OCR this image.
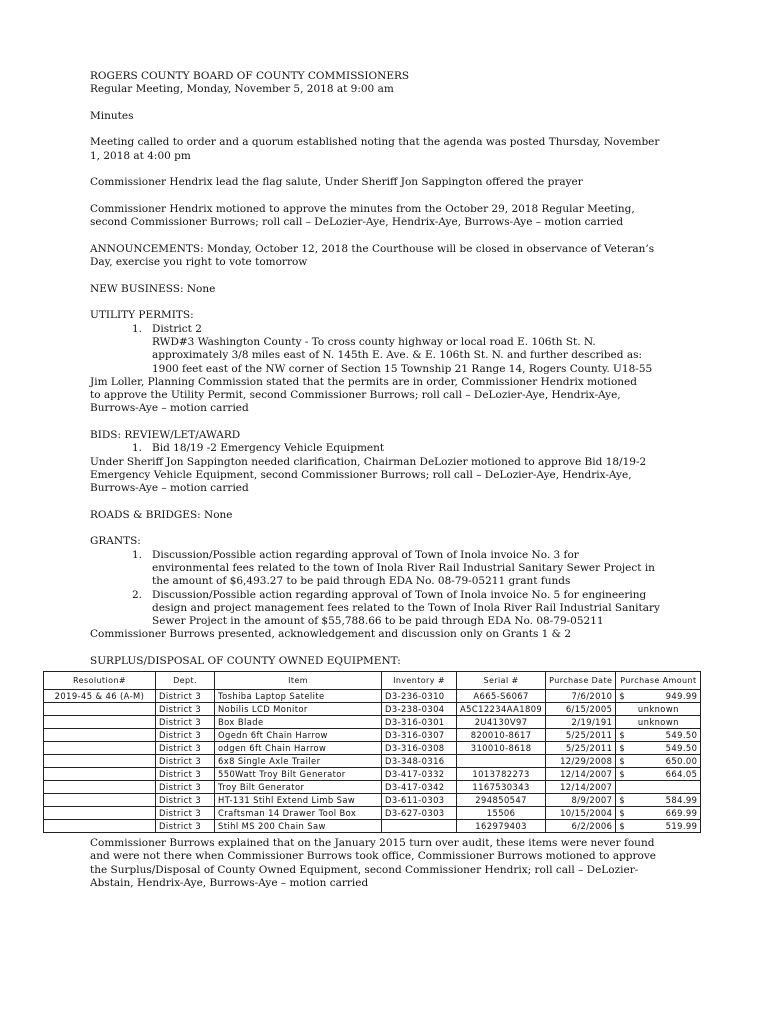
ROGERS COUNTY BOARD OF COUNTY COMMISSIONERS
Regular Meeting, Monday, November 5, 2018 at 9:00 am
Minutes
Meeting called to order and a quorum established noting that the agenda was posted Thursday, November
1, 2018 at 4:00 pm
Commissioner Hendrix lead the flag salute, Under Sheriff Jon Sappington offered the prayer
Commissioner Hendrix motioned to approve the minutes from the October 29, 2018 Regular Meeting,
second Commissioner Burrows; roll call – DeLozier-Aye, Hendrix-Aye, Burrows-Aye – motion carried
ANNOUNCEMENTS: Monday, October 12, 2018 the Courthouse will be closed in observance of Veteran’s
Day, exercise you right to vote tomorrow
NEW BUSINESS: None
UTILITY PERMITS:
1. District 2
RWD#3 Washington County - To cross county highway or local road E. 106th St. N.
approximately 3/8 miles east of N. 145th E. Ave. & E. 106th St. N. and further described as:
1900 feet east of the NW corner of Section 15 Township 21 Range 14, Rogers County. U18-55
Jim Loller, Planning Commission stated that the permits are in order, Commissioner Hendrix motioned
to approve the Utility Permit, second Commissioner Burrows; roll call – DeLozier-Aye, Hendrix-Aye,
Burrows-Aye – motion carried
BIDS: REVIEW/LET/AWARD
1. Bid 18/19 -2 Emergency Vehicle Equipment
Under Sheriff Jon Sappington needed clarification, Chairman DeLozier motioned to approve Bid 18/19-2
Emergency Vehicle Equipment, second Commissioner Burrows; roll call – DeLozier-Aye, Hendrix-Aye,
Burrows-Aye – motion carried
ROADS & BRIDGES: None
GRANTS:
1. Discussion/Possible action regarding approval of Town of Inola invoice No. 3 for
environmental fees related to the town of Inola River Rail Industrial Sanitary Sewer Project in
the amount of $6,493.27 to be paid through EDA No. 08-79-05211 grant funds
2. Discussion/Possible action regarding approval of Town of Inola invoice No. 5 for engineering
design and project management fees related to the Town of Inola River Rail Industrial Sanitary
Sewer Project in the amount of $55,788.66 to be paid through EDA No. 08-79-05211
Commissioner Burrows presented, acknowledgement and discussion only on Grants 1 & 2
SURPLUS/DISPOSAL OF COUNTY OWNED EQUIPMENT:
Resolution#	Dept.	Item	Inventory #	Serial #	Purchase Date	Purchase Amount
2019-45 & 46 (A-M)	District 3	Toshiba Laptop Satelite	D3-236-0310	A665-S6067	7/6/2010	$ 949.99

	District 3	Nobilis LCD Monitor	D3-238-0304	A5C12234AA1809	6/15/2005	unknown

	District 3	Box Blade	D3-316-0301	2U4130V97	2/19/191	unknown

	District 3	Ogedn 6ft Chain Harrow	D3-316-0307	820010-8617	5/25/2011	$ 549.50

	District 3	odgen 6ft Chain Harrow	D3-316-0308	310010-8618	5/25/2011	$ 549.50

	District 3	6x8 Single Axle Trailer	D3-348-0316		12/29/2008	$ 650.00

	District 3	550Watt Troy Bilt Generator	D3-417-0332	1013782273	12/14/2007	$ 664.05

	District 3	Troy Bilt Generator	D3-417-0342	1167530343	12/14/2007	

	District 3	HT-131 Stihl Extend Limb Saw	D3-611-0303	294850547	8/9/2007	$ 584.99

	District 3	Craftsman 14 Drawer Tool Box	D3-627-0303	15506	10/15/2004	$ 669.99

	District 3	Stihl MS 200 Chain Saw		162979403	6/2/2006	$ 519.99
Commissioner Burrows explained that on the January 2015 turn over audit, these items were never found
and were not there when Commissioner Burrows took office, Commissioner Burrows motioned to approve
the Surplus/Disposal of County Owned Equipment, second Commissioner Hendrix; roll call – DeLozier-
Abstain, Hendrix-Aye, Burrows-Aye – motion carried
